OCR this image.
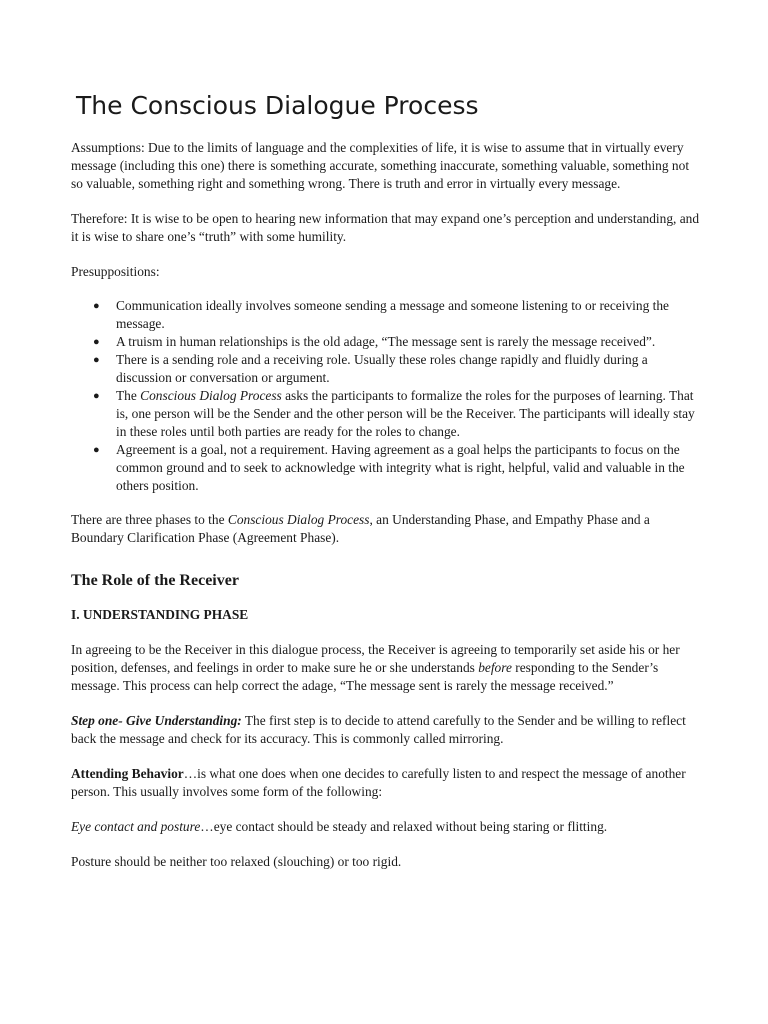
The Conscious Dialogue Process

Assumptions: Due to the limits of language and the complexities of life, it is wise to assume that in virtually every message (including this one) there is something accurate, something inaccurate, something valuable, something not so valuable, something right and something wrong. There is truth and error in virtually every message.

Therefore: It is wise to be open to hearing new information that may expand one’s perception and understanding, and it is wise to share one’s “truth” with some humility.

Presuppositions:

● Communication ideally involves someone sending a message and someone listening to or receiving the message.
● A truism in human relationships is the old adage, “The message sent is rarely the message received”.
● There is a sending role and a receiving role. Usually these roles change rapidly and fluidly during a discussion or conversation or argument.
● The Conscious Dialog Process asks the participants to formalize the roles for the purposes of learning. That is, one person will be the Sender and the other person will be the Receiver. The participants will ideally stay in these roles until both parties are ready for the roles to change.
● Agreement is a goal, not a requirement. Having agreement as a goal helps the participants to focus on the common ground and to seek to acknowledge with integrity what is right, helpful, valid and valuable in the others position.

There are three phases to the Conscious Dialog Process, an Understanding Phase, and Empathy Phase and a Boundary Clarification Phase (Agreement Phase).

The Role of the Receiver
I. UNDERSTANDING PHASE

In agreeing to be the Receiver in this dialogue process, the Receiver is agreeing to temporarily set aside his or her position, defenses, and feelings in order to make sure he or she understands before responding to the Sender’s message. This process can help correct the adage, “The message sent is rarely the message received.”

Step one- Give Understanding: The first step is to decide to attend carefully to the Sender and be willing to reflect back the message and check for its accuracy. This is commonly called mirroring.

Attending Behavior…is what one does when one decides to carefully listen to and respect the message of another person. This usually involves some form of the following:

Eye contact and posture…eye contact should be steady and relaxed without being staring or flitting.

Posture should be neither too relaxed (slouching) or too rigid.
